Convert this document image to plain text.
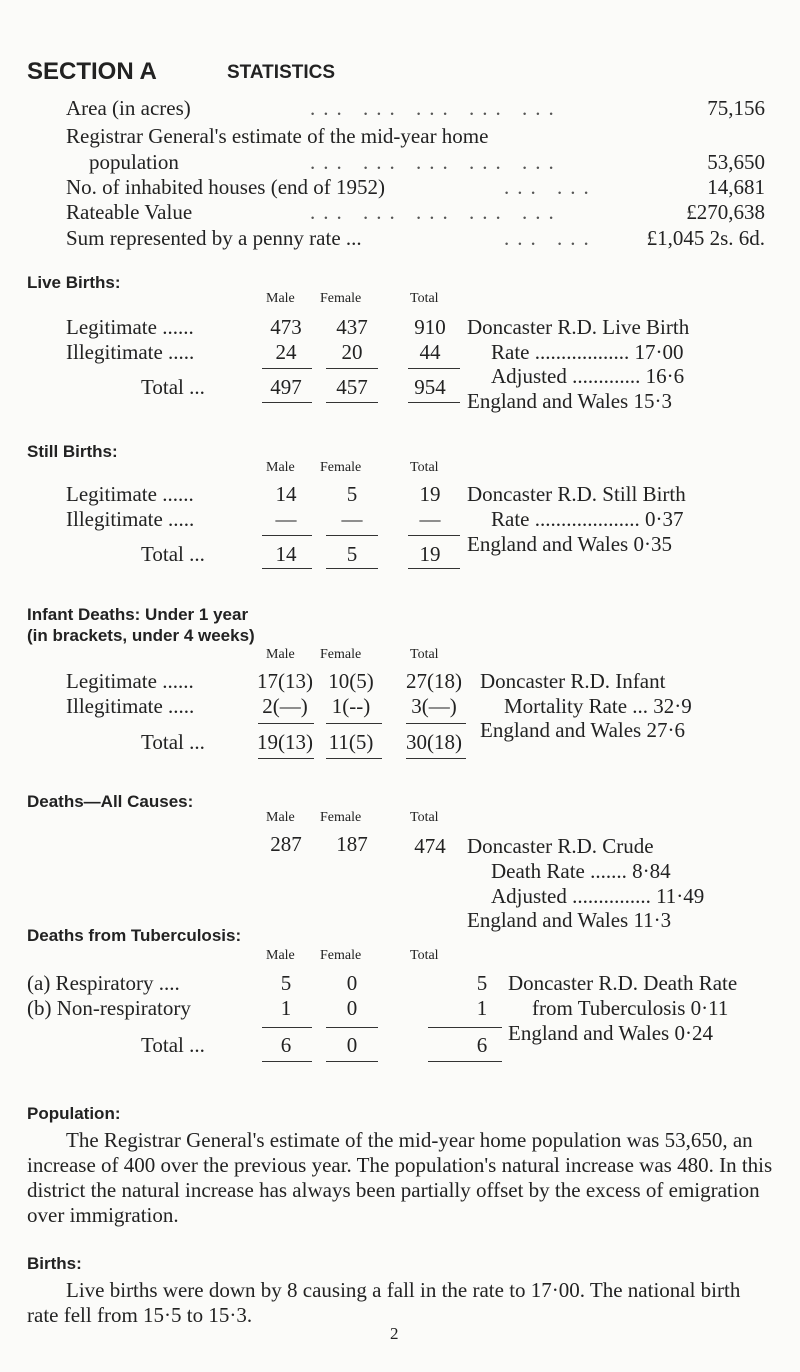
SECTION A	STATISTICS
Area (in acres)	... ... ... ... ...	75,156
Registrar General's estimate of the mid-year home
population	... ... ... ... ...	53,650
No. of inhabited houses (end of 1952)	... ...	14,681
Rateable Value	... ... ... ... ...	£270,638
Sum represented by a penny rate ...	... ... £1,045 2s. 6d.
Live Births:
Male Female	Total
Legitimate ......	473	437	910
Illegitimate .....	24	20	44
Total ...	497	457	954
Doncaster R.D. Live Birth
Rate .................. 17·00
Adjusted ............. 16·6
England and Wales 15·3
Still Births:
Male Female	Total
Legitimate ......	14	5	19
Illegitimate .....	—	—	—
Total ...	14	5	19
Doncaster R.D. Still Birth
Rate .................... 0·37
England and Wales 0·35
Infant Deaths: Under 1 year
(in brackets, under 4 weeks)
Male Female	Total
Legitimate ......	17(13) 10(5)	27(18)
Illegitimate .....	2(—)	1(--)	3(—)
Total ... 19(13) 11(5)	30(18)
Doncaster R.D. Infant
Mortality Rate ... 32·9
England and Wales 27·6
Deaths—All Causes:
Male Female	Total
287	187	474	Doncaster R.D. Crude
Death Rate ....... 8·84
Adjusted ............... 11·49
England and Wales 11·3
Deaths from Tuberculosis:
Male Female	Total
(a) Respiratory ....	5	0	5
(b) Non-respiratory	1	0	1
Total ...	6	0	6
Doncaster R.D. Death Rate
from Tuberculosis 0·11
England and Wales 0·24
Population:
The Registrar General's estimate of the mid-year home population was 53,650, an increase of 400 over the previous year. The population's natural increase was 480. In this district the natural increase has always been partially offset by the excess of emigration over immigration.
Births:
Live births were down by 8 causing a fall in the rate to 17·00. The national birth rate fell from 15·5 to 15·3.
2
